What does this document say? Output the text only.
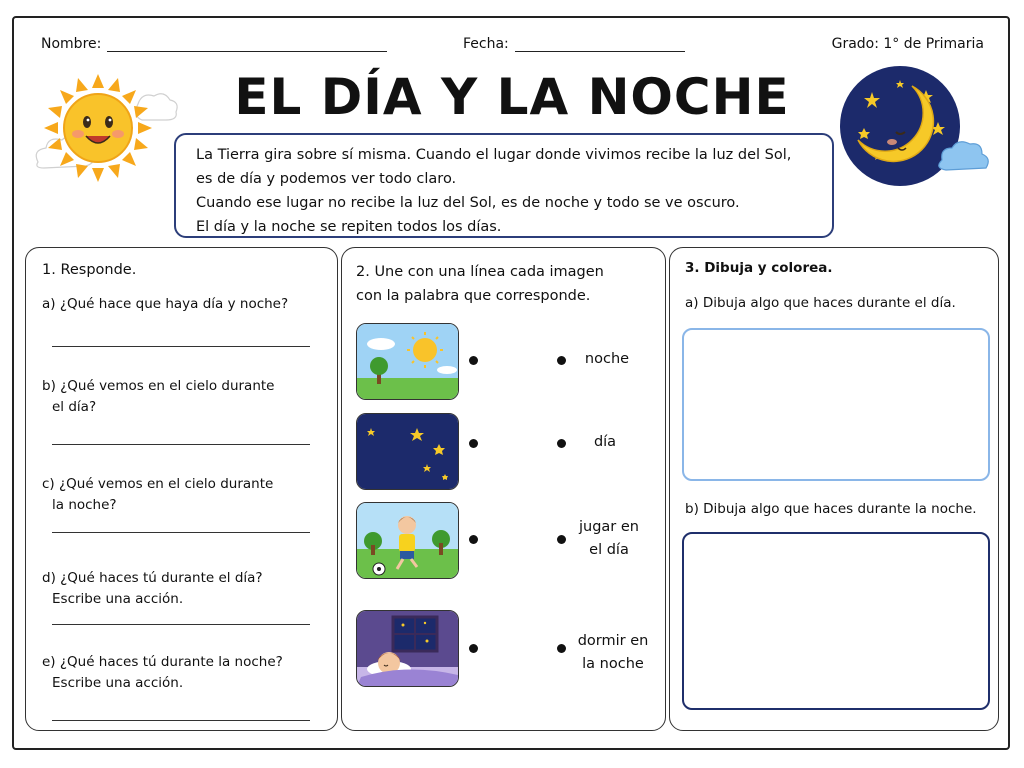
Nombre:	Fecha:	Grado: 1° de Primaria
EL DÍA Y LA NOCHE

La Tierra gira sobre sí misma. Cuando el lugar donde vivimos recibe la luz del Sol,

es de día y podemos ver todo claro.

Cuando ese lugar no recibe la luz del Sol, es de noche y todo se ve oscuro.

El día y la noche se repiten todos los días.

1. Responde.
a) ¿Qué hace que haya día y noche?
b) ¿Qué vemos en el cielo durante
el día?
c) ¿Qué vemos en el cielo durante
la noche?
d) ¿Qué haces tú durante el día?
Escribe una acción.
e) ¿Qué haces tú durante la noche?
Escribe una acción.
2. Une con una línea cada imagen
con la palabra que corresponde.
noche
día
jugar en
el día
dormir en
la noche
3. Dibuja y colorea.
a) Dibuja algo que haces durante el día.
b) Dibuja algo que haces durante la noche.
